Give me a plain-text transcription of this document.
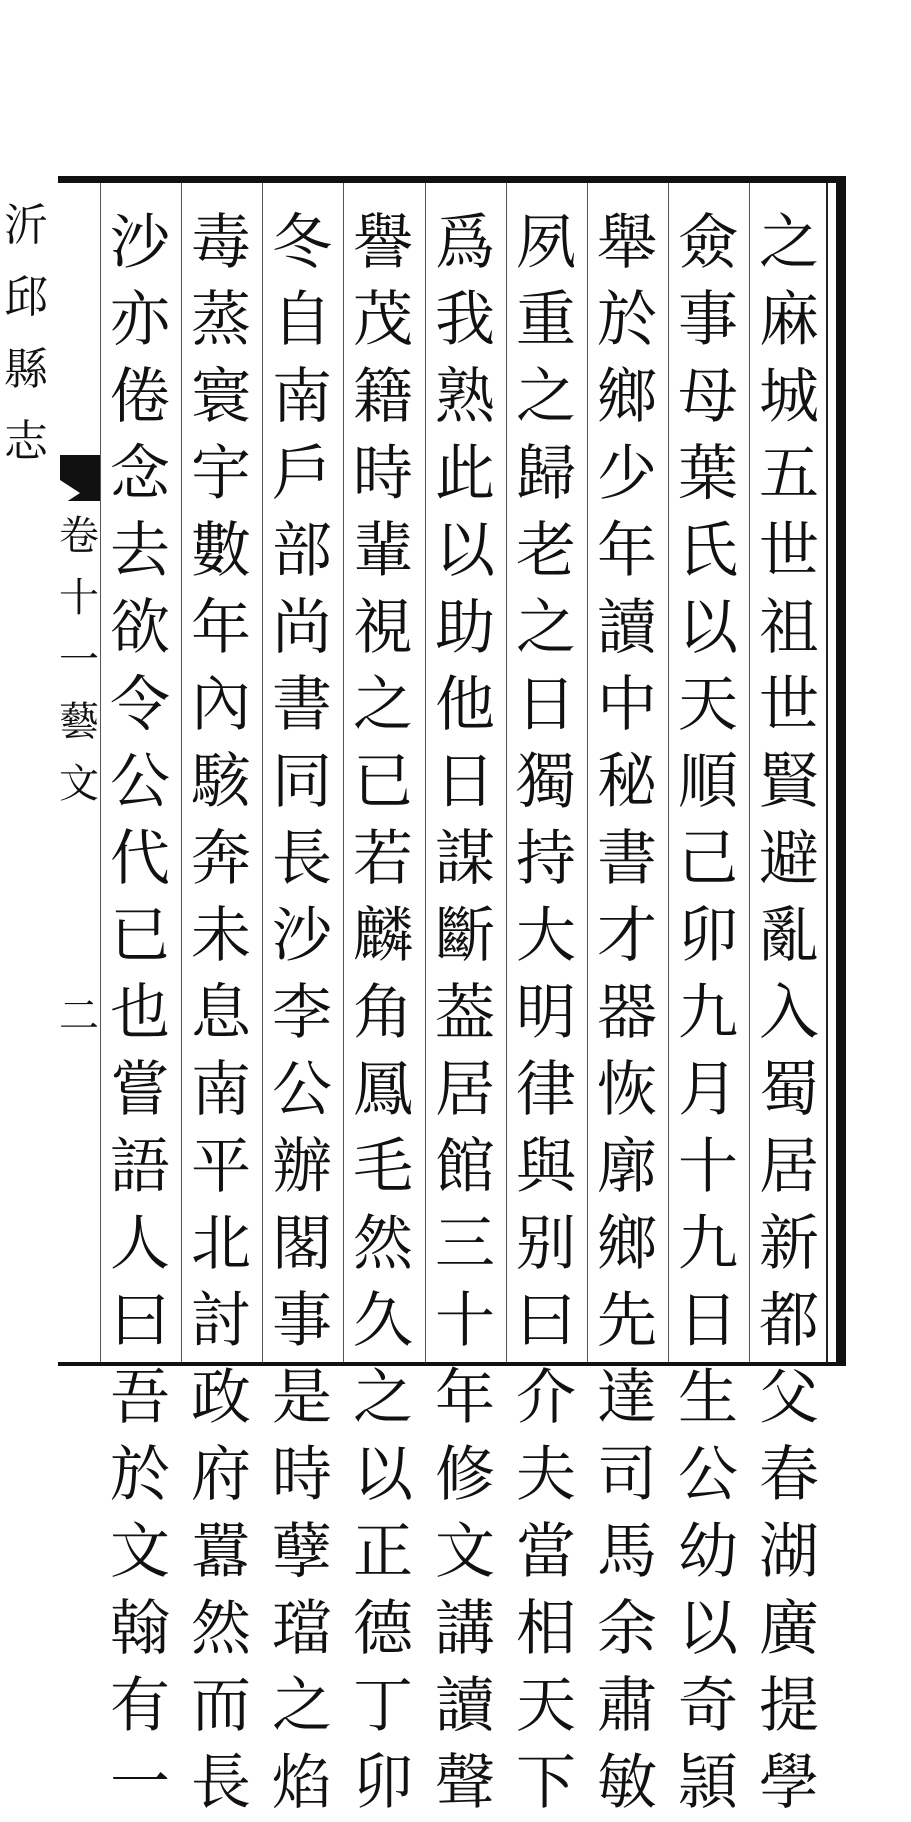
沂
邱
縣
志
卷
十
一
藝
文
二
之
麻
城
五
世
祖
世
賢
避
亂
入
蜀
居
新
都
父
春
湖
廣
提
學
僉
事
母
葉
氏
以
天
順
己
卯
九
月
十
九
日
生
公
幼
以
奇
頴
舉
於
鄉
少
年
讀
中
秘
書
才
器
恢
廓
鄉
先
達
司
馬
余
肅
敏
夙
重
之
歸
老
之
日
獨
持
大
明
律
與
别
曰
介
夫
當
相
天
下
爲
我
熟
此
以
助
他
日
謀
斷
葢
居
館
三
十
年
修
文
講
讀
聲
譽
茂
籍
時
輩
視
之
已
若
麟
角
鳳
毛
然
久
之
以
正
德
丁
卯
冬
自
南
戶
部
尚
書
同
長
沙
李
公
辦
閣
事
是
時
孽
璫
之
焰
毒
蒸
寰
宇
數
年
內
駭
奔
未
息
南
平
北
討
政
府
囂
然
而
長
沙
亦
倦
念
去
欲
令
公
代
已
也
嘗
語
人
曰
吾
於
文
翰
有
一
